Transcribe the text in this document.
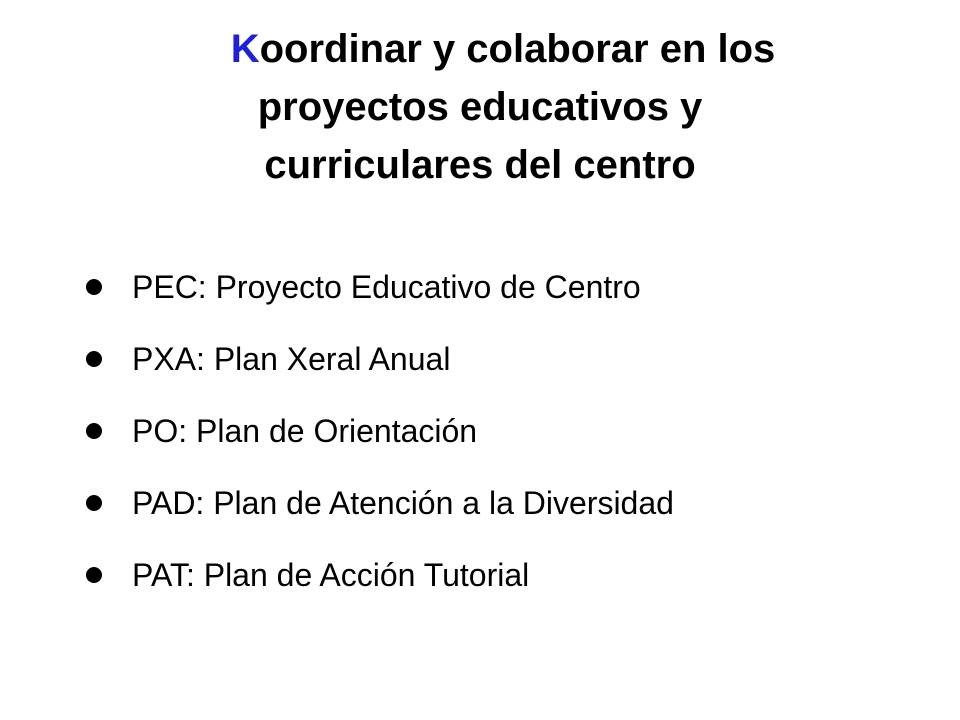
Koordinar y colaborar en los
proyectos educativos y
curriculares del centro
PEC: Proyecto Educativo de Centro
PXA: Plan Xeral Anual
PO: Plan de Orientación
PAD: Plan de Atención a la Diversidad
PAT: Plan de Acción Tutorial
